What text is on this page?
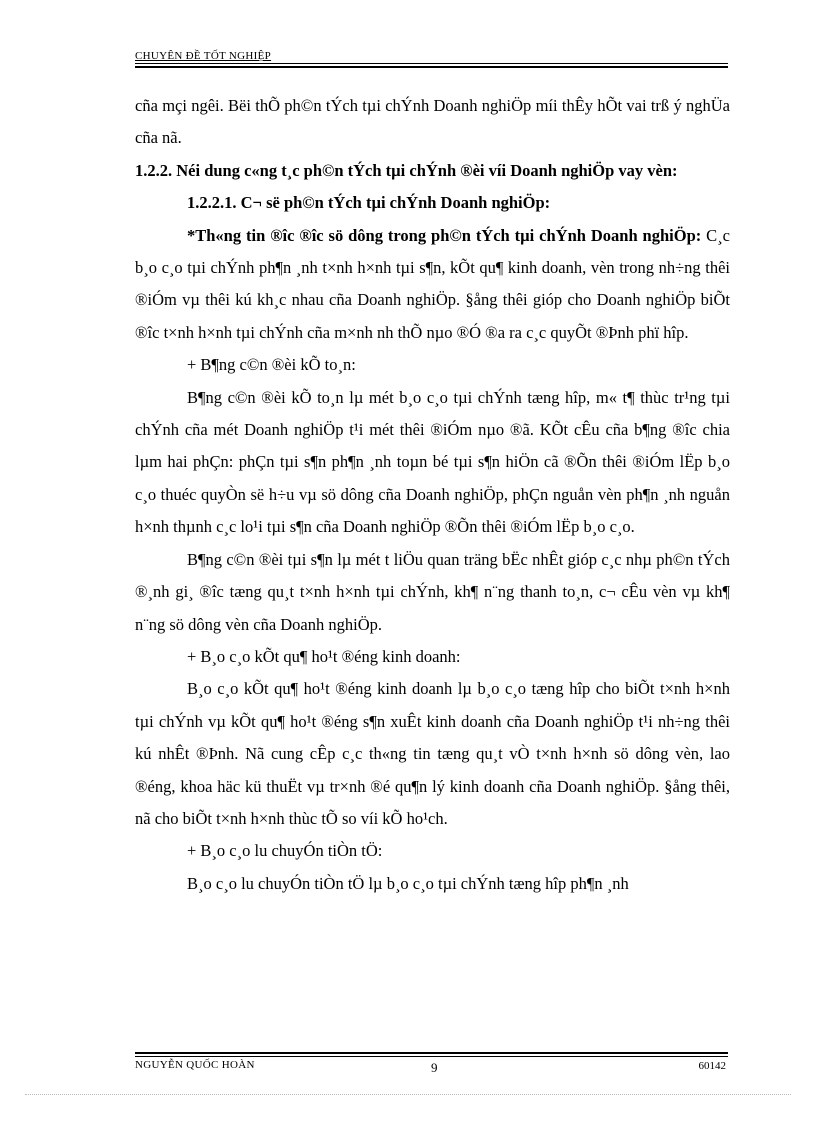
CHUYÊN ĐỀ TỐT NGHIỆP

cña mçi ngêi. Bëi thÕ ph©n tÝch tµi chÝnh Doanh nghiÖp míi thÊy hÕt vai trß ý nghÜa cña nã.

1.2.2. Néi dung c«ng t¸c ph©n tÝch tµi chÝnh ®èi víi Doanh nghiÖp vay vèn:

1.2.2.1. C¬ së ph©n tÝch tµi chÝnh Doanh nghiÖp:

*Th«ng tin ®îc ®îc sö dông trong ph©n tÝch tµi chÝnh Doanh nghiÖp: C¸c b¸o c¸o tµi chÝnh ph¶n ¸nh t×nh h×nh tµi s¶n, kÕt qu¶ kinh doanh, vèn trong nh÷ng thêi ®iÓm vµ thêi kú kh¸c nhau cña Doanh nghiÖp. §ång thêi gióp cho Doanh nghiÖp biÕt ®îc t×nh h×nh tµi chÝnh cña m×nh nh thÕ nµo ®Ó ®a ra c¸c quyÕt ®Þnh phï hîp.

+ B¶ng c©n ®èi kÕ to¸n:

B¶ng c©n ®èi kÕ to¸n lµ mét b¸o c¸o tµi chÝnh tæng hîp, m« t¶ thùc tr¹ng tµi chÝnh cña mét Doanh nghiÖp t¹i mét thêi ®iÓm nµo ®ã. KÕt cÊu cña b¶ng ®îc chia lµm hai phÇn: phÇn tµi s¶n ph¶n ¸nh toµn bé tµi s¶n hiÖn cã ®Õn thêi ®iÓm lËp b¸o c¸o thuéc quyÒn së h÷u vµ sö dông cña Doanh nghiÖp, phÇn nguån vèn ph¶n ¸nh nguån h×nh thµnh c¸c lo¹i tµi s¶n cña Doanh nghiÖp ®Õn thêi ®iÓm lËp b¸o c¸o.

B¶ng c©n ®èi tµi s¶n lµ mét t liÖu quan träng bËc nhÊt gióp c¸c nhµ ph©n tÝch ®¸nh gi¸ ®îc tæng qu¸t t×nh h×nh tµi chÝnh, kh¶ n¨ng thanh to¸n, c¬ cÊu vèn vµ kh¶ n¨ng sö dông vèn cña Doanh nghiÖp.

+ B¸o c¸o kÕt qu¶ ho¹t ®éng kinh doanh:

B¸o c¸o kÕt qu¶ ho¹t ®éng kinh doanh lµ b¸o c¸o tæng hîp cho biÕt t×nh h×nh tµi chÝnh vµ kÕt qu¶ ho¹t ®éng s¶n xuÊt kinh doanh cña Doanh nghiÖp t¹i nh÷ng thêi kú nhÊt ®Þnh. Nã cung cÊp c¸c th«ng tin tæng qu¸t vÒ t×nh h×nh sö dông vèn, lao ®éng, khoa häc kü thuËt vµ tr×nh ®é qu¶n lý kinh doanh cña Doanh nghiÖp. §ång thêi, nã cho biÕt t×nh h×nh thùc tÕ so víi kÕ ho¹ch.

+ B¸o c¸o lu chuyÓn tiÒn tÖ:

B¸o c¸o lu chuyÓn tiÒn tÖ lµ b¸o c¸o tµi chÝnh tæng hîp ph¶n ¸nh

NGUYỄN QUỐC HOÀN	9	60142
